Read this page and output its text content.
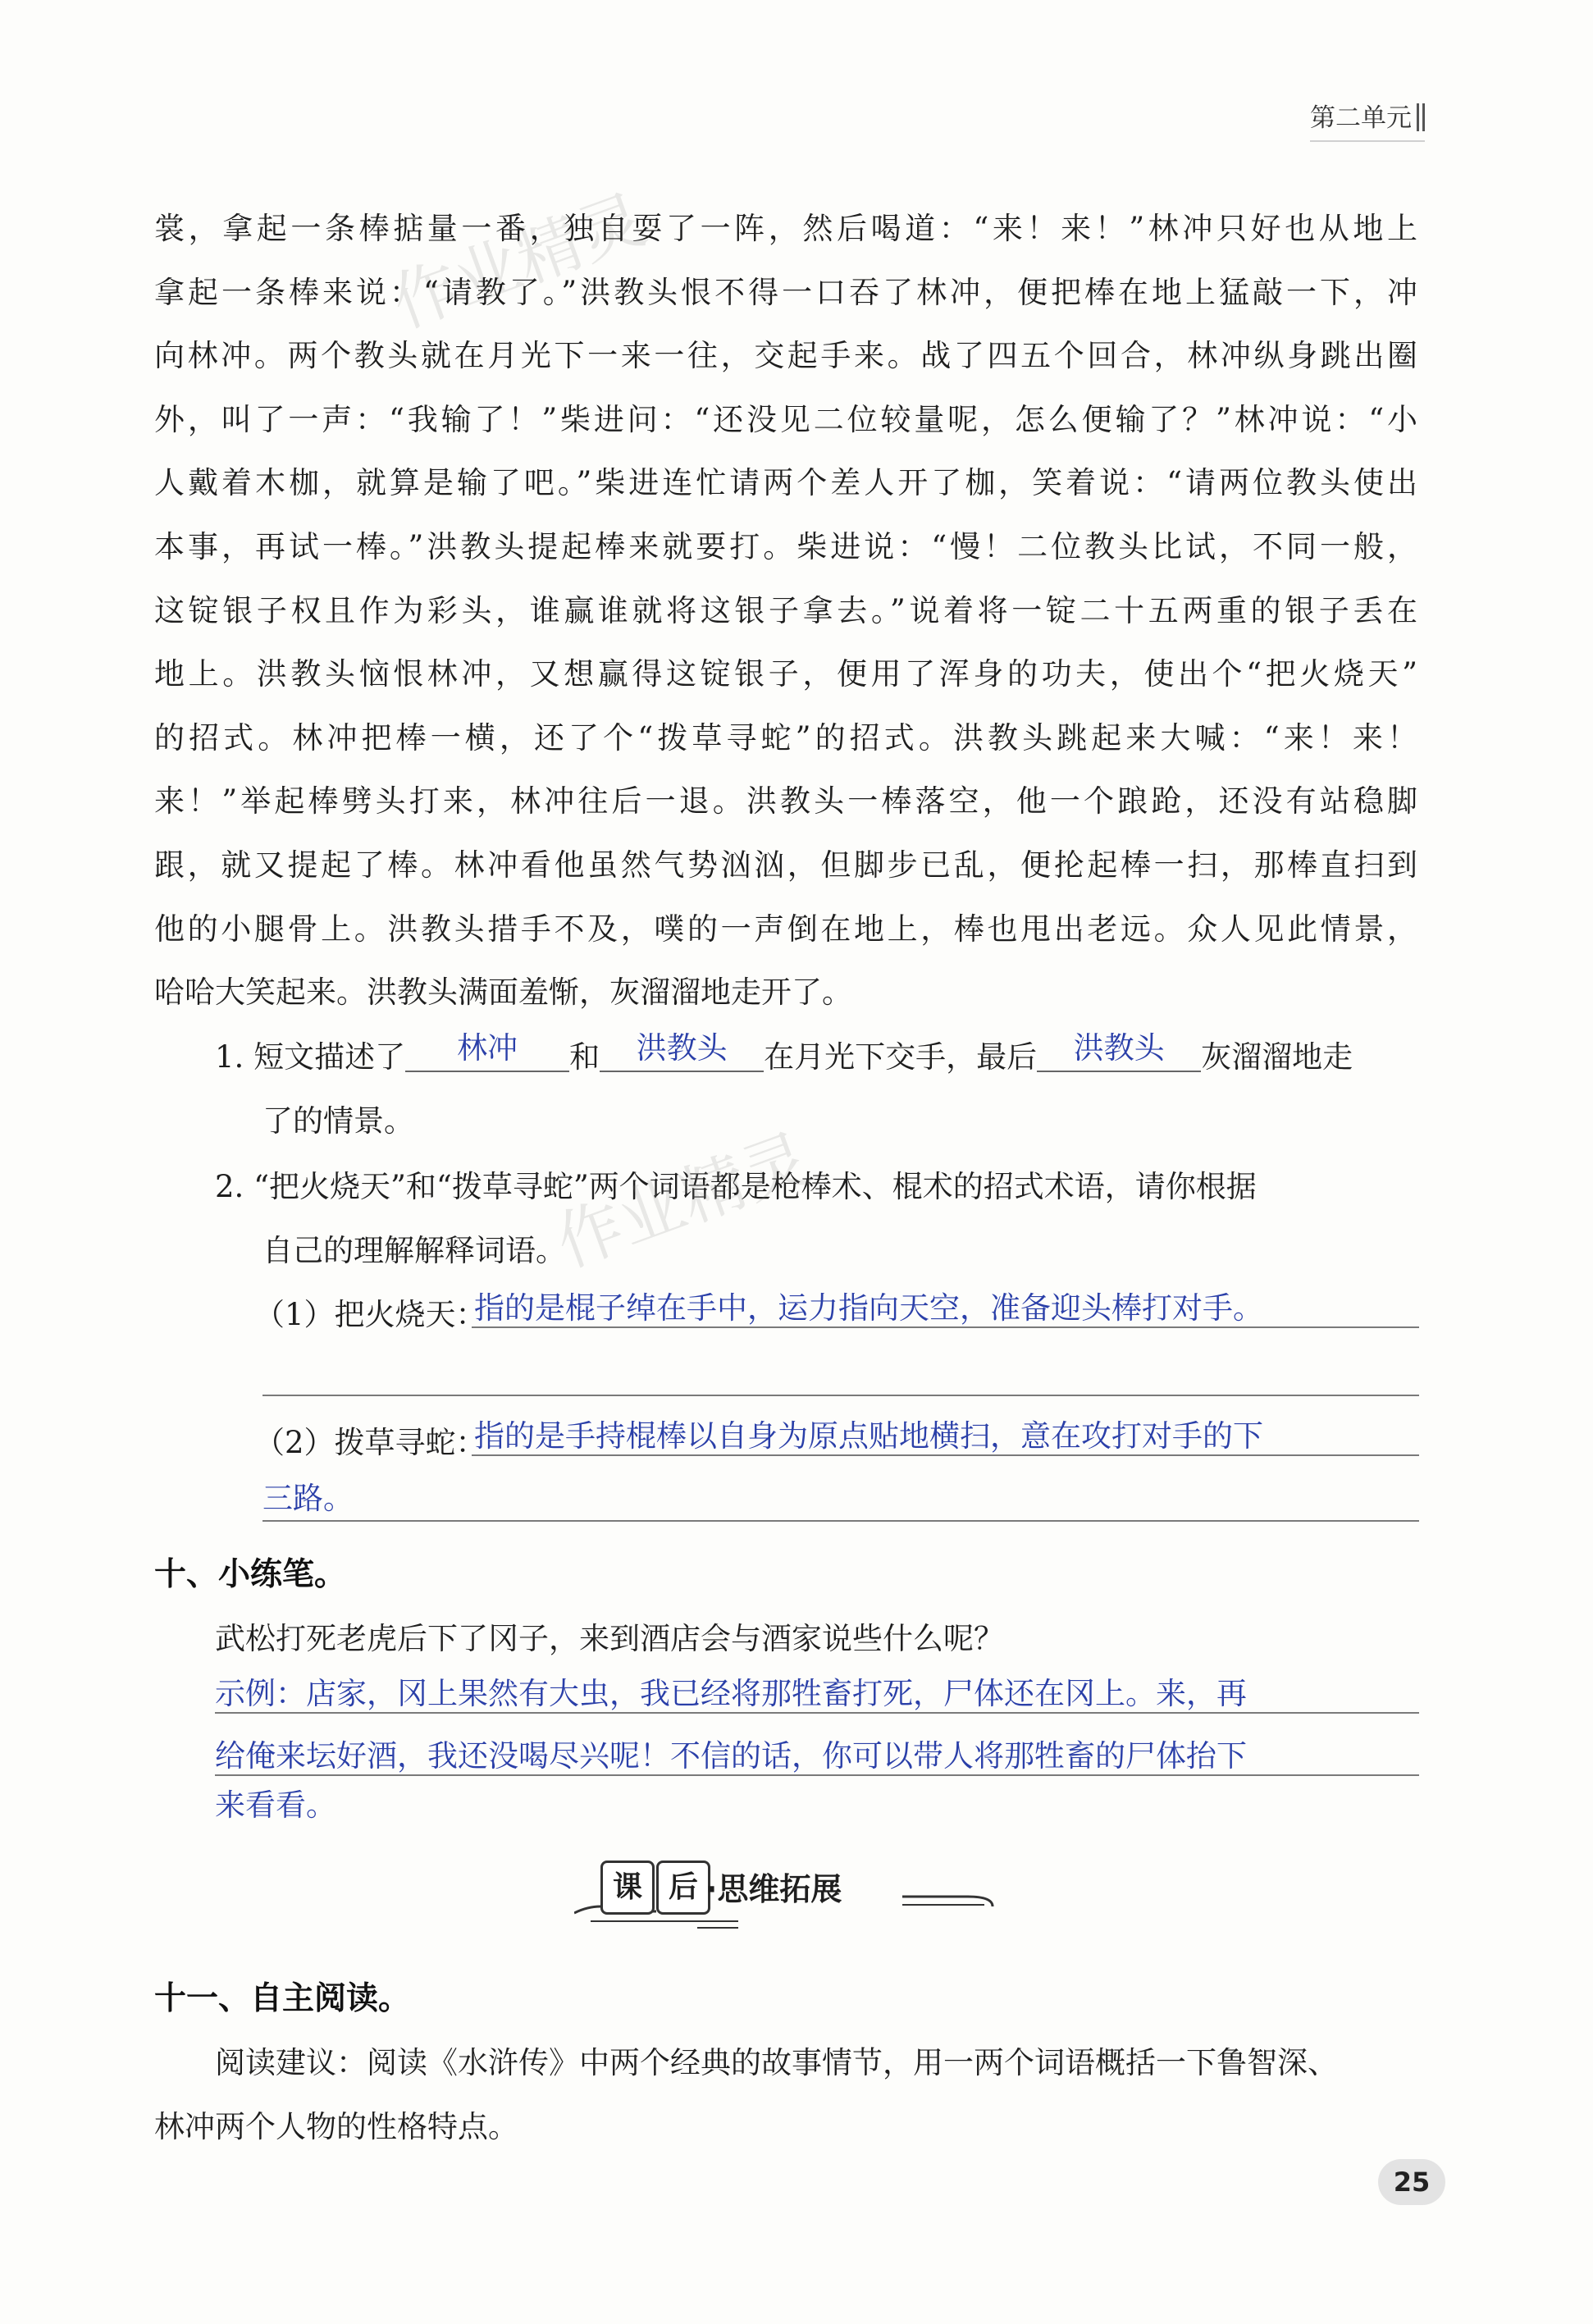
第二单元
作业精灵
裳，拿起一条棒掂量一番，独自耍了一阵，然后喝道：“来！来！”林冲只好也从地上
拿起一条棒来说：“请教了。”洪教头恨不得一口吞了林冲，便把棒在地上猛敲一下，冲
向林冲。两个教头就在月光下一来一往，交起手来。战了四五个回合，林冲纵身跳出圈
外，叫了一声：“我输了！”柴进问：“还没见二位较量呢，怎么便输了？”林冲说：“小
人戴着木枷，就算是输了吧。”柴进连忙请两个差人开了枷，笑着说：“请两位教头使出
本事，再试一棒。”洪教头提起棒来就要打。柴进说：“慢！二位教头比试，不同一般，
这锭银子权且作为彩头，谁赢谁就将这银子拿去。”说着将一锭二十五两重的银子丢在
地上。洪教头恼恨林冲，又想赢得这锭银子，便用了浑身的功夫，使出个“把火烧天”
的招式。林冲把棒一横，还了个“拨草寻蛇”的招式。洪教头跳起来大喊：“来！来！
来！”举起棒劈头打来，林冲往后一退。洪教头一棒落空，他一个踉跄，还没有站稳脚
跟，就又提起了棒。林冲看他虽然气势汹汹，但脚步已乱，便抡起棒一扫，那棒直扫到
他的小腿骨上。洪教头措手不及，噗的一声倒在地上，棒也甩出老远。众人见此情景，
哈哈大笑起来。洪教头满面羞惭，灰溜溜地走开了。
1. 短文描述了	林冲	和	洪教头	在月光下交手，最后	洪教头	灰溜溜地走
了的情景。
2. “把火烧天”和“拨草寻蛇”两个词语都是枪棒术、棍术的招式术语，请你根据
自己的理解解释词语。
（1）把火烧天：
指的是棍子绰在手中，运力指向天空，准备迎头棒打对手。
（2）拨草寻蛇：
指的是手持棍棒以自身为原点贴地横扫，意在攻打对手的下
三路。
十、小练笔。
武松打死老虎后下了冈子，来到酒店会与酒家说些什么呢？
示例：店家，冈上果然有大虫，我已经将那牲畜打死，尸体还在冈上。来，再
给俺来坛好酒，我还没喝尽兴呢！不信的话，你可以带人将那牲畜的尸体抬下
来看看。
作业精灵
课 后 ·思维拓展
十一、自主阅读。
阅读建议：阅读《水浒传》中两个经典的故事情节，用一两个词语概括一下鲁智深、
林冲两个人物的性格特点。
25
